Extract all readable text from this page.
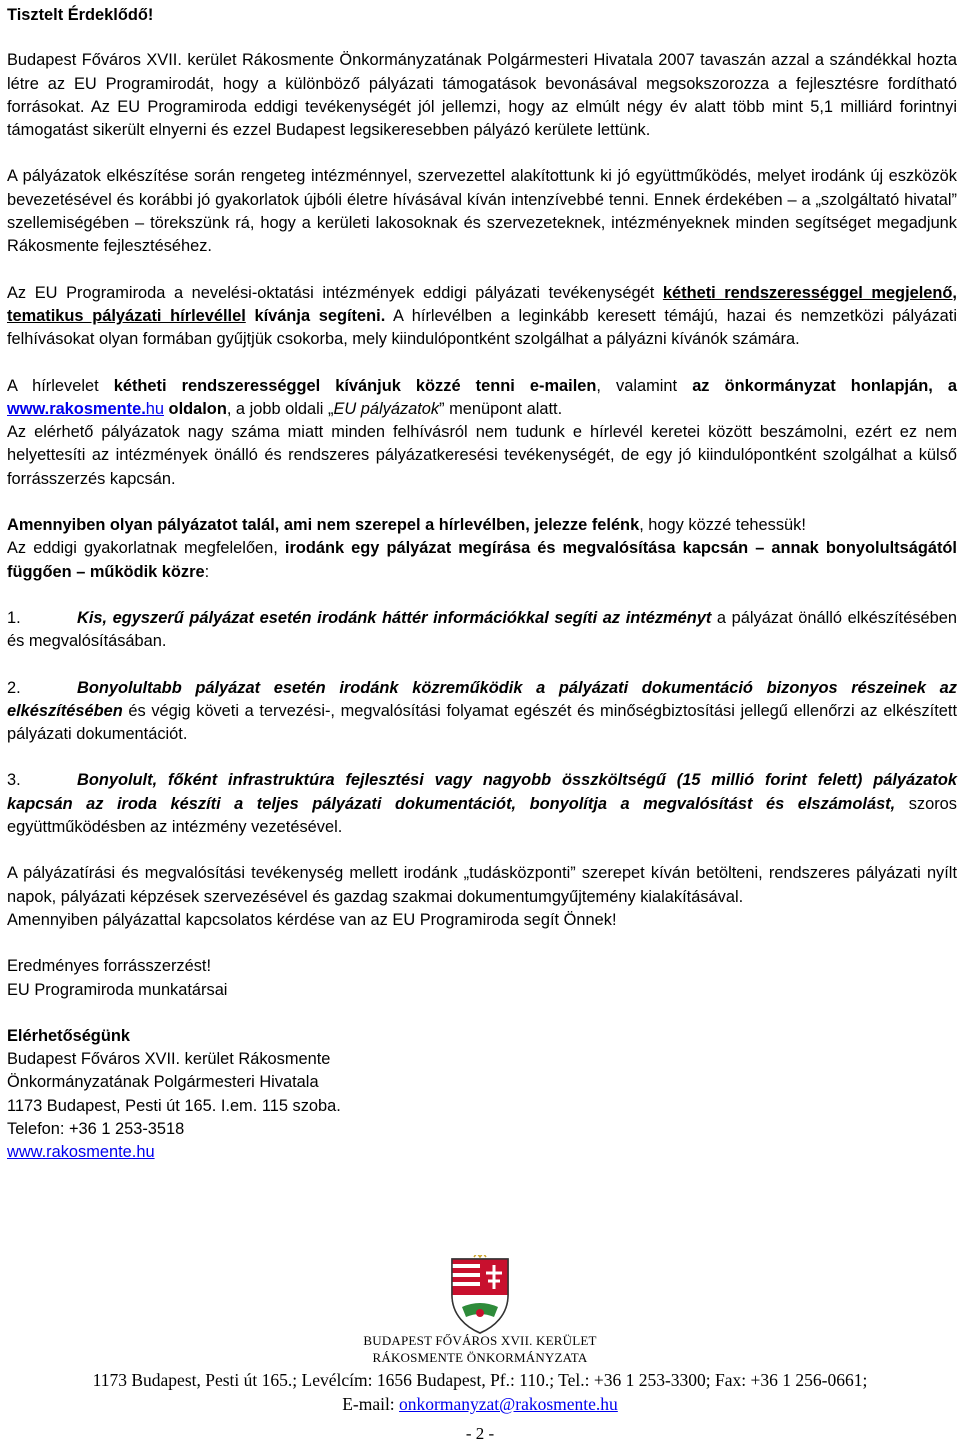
Tisztelt Érdeklődő!

Budapest Főváros XVII. kerület Rákosmente Önkormányzatának Polgármesteri Hivatala 2007 tavaszán azzal a szándékkal hozta létre az EU Programirodát, hogy a különböző pályázati támogatások bevonásával megsokszorozza a fejlesztésre fordítható forrásokat. Az EU Programiroda eddigi tevékenységét jól jellemzi, hogy az elmúlt négy év alatt több mint 5,1 milliárd forintnyi támogatást sikerült elnyerni és ezzel Budapest legsikeresebben pályázó kerülete lettünk.

A pályázatok elkészítése során rengeteg intézménnyel, szervezettel alakítottunk ki jó együttműködés, melyet irodánk új eszközök bevezetésével és korábbi jó gyakorlatok újbóli életre hívásával kíván intenzívebbé tenni. Ennek érdekében – a „szolgáltató hivatal” szellemiségében – törekszünk rá, hogy a kerületi lakosoknak és szervezeteknek, intézményeknek minden segítséget megadjunk Rákosmente fejlesztéséhez.

Az EU Programiroda a nevelési-oktatási intézmények eddigi pályázati tevékenységét kétheti rendszerességgel megjelenő, tematikus pályázati hírlevéllel kívánja segíteni. A hírlevélben a leginkább keresett témájú, hazai és nemzetközi pályázati felhívásokat olyan formában gyűjtjük csokorba, mely kiindulópontként szolgálhat a pályázni kívánók számára.

A hírlevelet kétheti rendszerességgel kívánjuk közzé tenni e-mailen, valamint az önkormányzat honlapján, a www.rakosmente.hu oldalon, a jobb oldali „EU pályázatok” menüpont alatt.

Az elérhető pályázatok nagy száma miatt minden felhívásról nem tudunk e hírlevél keretei között beszámolni, ezért ez nem helyettesíti az intézmények önálló és rendszeres pályázatkeresési tevékenységét, de egy jó kiindulópontként szolgálhat a külső forrásszerzés kapcsán.

Amennyiben olyan pályázatot talál, ami nem szerepel a hírlevélben, jelezze felénk, hogy közzé tehessük!

Az eddigi gyakorlatnak megfelelően, irodánk egy pályázat megírása és megvalósítása kapcsán – annak bonyolultságától függően – működik közre:

1.	Kis, egyszerű pályázat esetén irodánk háttér információkkal segíti az intézményt a pályázat önálló elkészítésében és megvalósításában.

2.	Bonyolultabb pályázat esetén irodánk közreműködik a pályázati dokumentáció bizonyos részeinek az elkészítésében és végig követi a tervezési-, megvalósítási folyamat egészét és minőségbiztosítási jellegű ellenőrzi az elkészített pályázati dokumentációt.

3.	Bonyolult, főként infrastruktúra fejlesztési vagy nagyobb összköltségű (15 millió forint felett) pályázatok kapcsán az iroda készíti a teljes pályázati dokumentációt, bonyolítja a megvalósítást és elszámolást, szoros együttműködésben az intézmény vezetésével.

A pályázatírási és megvalósítási tevékenység mellett irodánk „tudásközponti” szerepet kíván betölteni, rendszeres pályázati nyílt napok, pályázati képzések szervezésével és gazdag szakmai dokumentumgyűjtemény kialakításával.

Amennyiben pályázattal kapcsolatos kérdése van az EU Programiroda segít Önnek!

Eredményes forrásszerzést!

EU Programiroda munkatársai

Elérhetőségünk

Budapest Főváros XVII. kerület Rákosmente

Önkormányzatának Polgármesteri Hivatala

1173 Budapest, Pesti út 165. I.em. 115 szoba.

Telefon: +36 1 253-3518

www.rakosmente.hu

BUDAPEST FŐVÁROS XVII. KERÜLET
RÁKOSMENTE ÖNKORMÁNYZATA
1173 Budapest, Pesti út 165.; Levélcím: 1656 Budapest, Pf.: 110.; Tel.: +36 1 253-3300; Fax: +36 1 256-0661;
E-mail: onkormanyzat@rakosmente.hu
- 2 -
